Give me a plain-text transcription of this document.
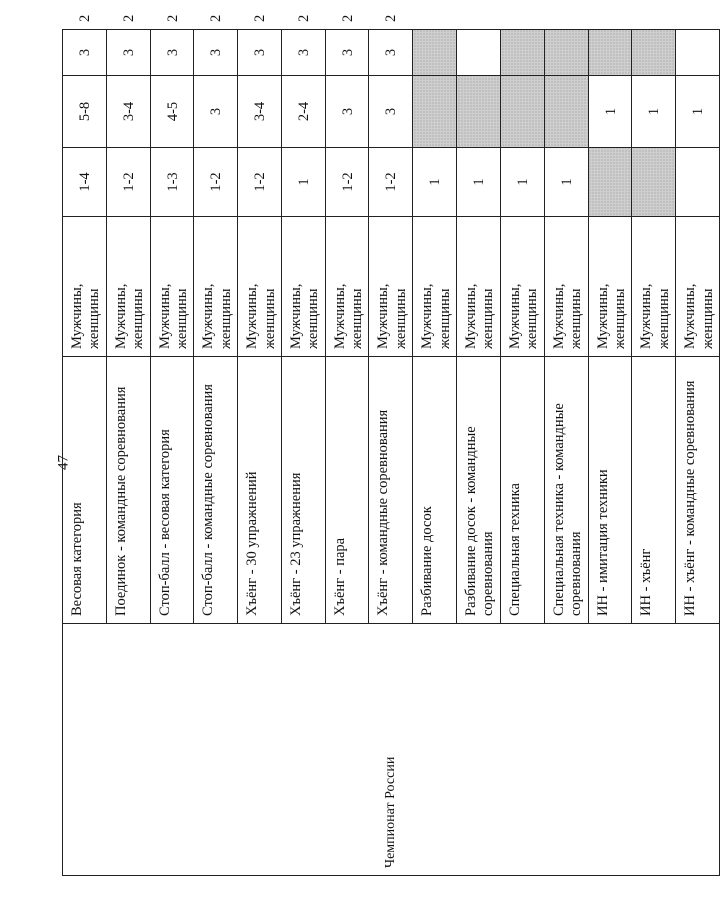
47
Чемпионат России	Весовая категория	Мужчины, женщины	1-4	5-8	3	2
	Поединок - командные соревнования	Мужчины, женщины	1-2	3-4	3	2
	Стоп-балл - весовая категория	Мужчины, женщины	1-3	4-5	3	2
	Стоп-балл - командные соревнования	Мужчины, женщины	1-2	3	3	2
	Хъёнг - 30 упражнений	Мужчины, женщины	1-2	3-4	3	2
	Хъёнг - 23 упражнения	Мужчины, женщины	1	2-4	3	2
	Хъёнг - пара	Мужчины, женщины	1-2	3	3	2
	Хъёнг - командные соревнования	Мужчины, женщины	1-2	3	3	2
	Разбивание досок	Мужчины, женщины	1			
	Разбивание досок - командные соревнования	Мужчины, женщины	1			
	Специальная техника	Мужчины, женщины	1			
	Специальная техника - командные соревнования	Мужчины, женщины	1			
	ИН - имитация техники	Мужчины, женщины		1		
	ИН - хъёнг	Мужчины, женщины		1		
	ИН - хъёнг - командные соревнования	Мужчины, женщины		1		
